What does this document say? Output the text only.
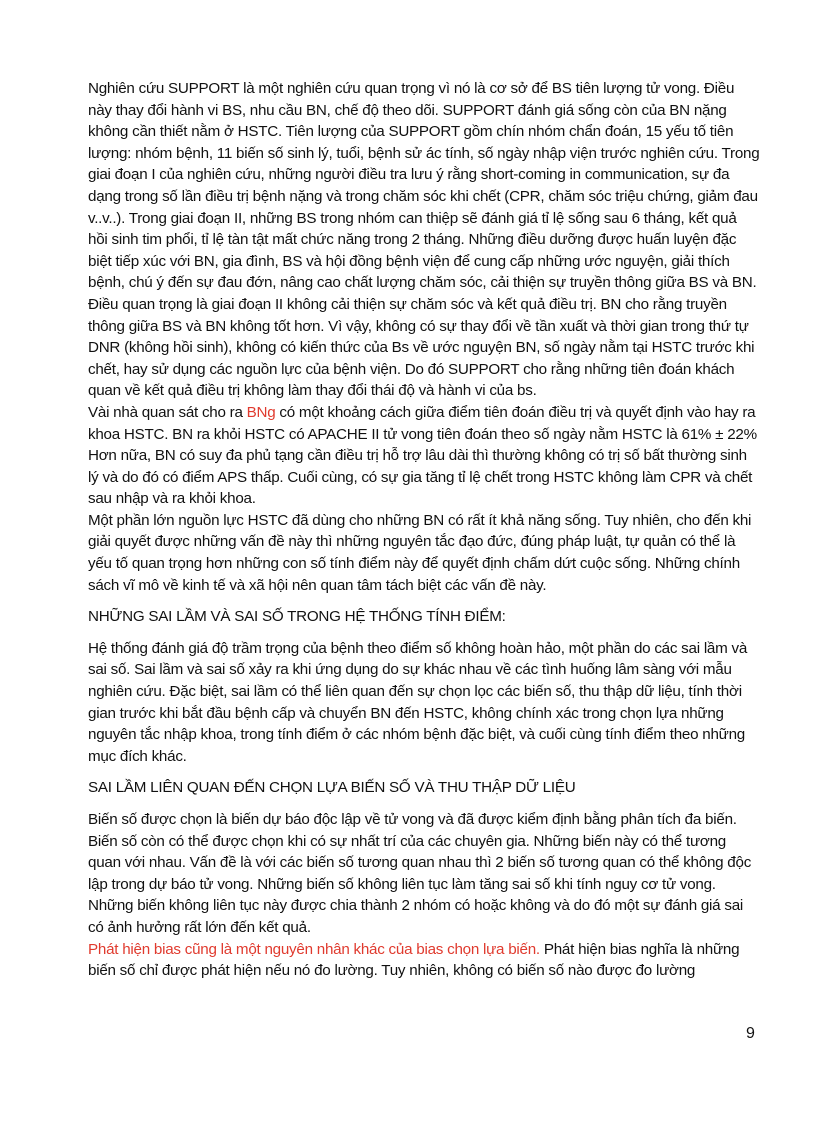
Nghiên cứu SUPPORT là một nghiên cứu quan trọng vì nó là cơ sở để BS tiên lượng tử vong. Điều này thay đổi hành vi BS, nhu cầu BN, chế độ theo dõi. SUPPORT đánh giá sống còn của BN nặng không cần thiết nằm ở HSTC. Tiên lượng của SUPPORT gồm chín nhóm chẩn đoán, 15 yếu tố tiên lượng: nhóm bệnh, 11 biến số sinh lý, tuổi, bệnh sử ác tính, số ngày nhập viện trước nghiên cứu. Trong giai đoạn I của nghiên cứu, những người điều tra lưu ý rằng short-coming in communication, sự đa dạng trong số lần điều trị bệnh nặng và trong chăm sóc khi chết (CPR, chăm sóc triệu chứng, giảm đau v..v..). Trong giai đoạn II, những BS trong nhóm can thiệp sẽ đánh giá tỉ lệ sống sau 6 tháng, kết quả hồi sinh tim phổi, tỉ lệ tàn tật mất chức năng trong 2 tháng. Những điều dưỡng được huấn luyện đặc biệt tiếp xúc với BN, gia đình, BS và hội đồng bệnh viện để cung cấp những ước nguyện, giải thích bệnh, chú ý đến sự đau đớn, nâng cao chất lượng chăm sóc, cải thiện sự truyền thông giữa BS và BN. Điều quan trọng là giai đoạn II không cải thiện sự chăm sóc và kết quả điều trị. BN cho rằng truyền thông giữa BS và BN không tốt hơn. Vì vậy, không có sự thay đổi về tần xuất và thời gian trong thứ tự DNR (không hồi sinh), không có kiến thức của Bs về ước nguyện BN, số ngày nằm tại HSTC trước khi chết, hay sử dụng các nguồn lực của bệnh viện. Do đó SUPPORT cho rằng những tiên đoán khách quan về kết quả điều trị không làm thay đổi thái độ và hành vi của bs.

Vài nhà quan sát cho ra BNg có một khoảng cách giữa điểm tiên đoán điều trị và quyết định vào hay ra khoa HSTC. BN ra khỏi HSTC có APACHE II tử vong tiên đoán theo số ngày nằm HSTC là 61% ± 22% Hơn nữa, BN có suy đa phủ tạng cần điều trị hỗ trợ lâu dài thì thường không có trị số bất thường sinh lý và do đó có điểm APS thấp. Cuối cùng, có sự gia tăng tỉ lệ chết trong HSTC không làm CPR và chết sau nhập và ra khỏi khoa.

Một phần lớn nguồn lực HSTC đã dùng cho những BN có rất ít khả năng sống. Tuy nhiên, cho đến khi giải quyết được những vấn đề này thì những nguyên tắc đạo đức, đúng pháp luật, tự quản có thể là yếu tố quan trọng hơn những con số tính điểm này để quyết định chấm dứt cuộc sống. Những chính sách vĩ mô về kinh tế và xã hội nên quan tâm tách biệt các vấn đề này.

NHỮNG SAI LẦM VÀ SAI SỐ TRONG HỆ THỐNG TÍNH ĐIỂM:

Hệ thống đánh giá độ trầm trọng của bệnh theo điểm số không hoàn hảo, một phần do các sai lầm và sai số. Sai lầm và sai số xảy ra khi ứng dụng do sự khác nhau về các tình huống lâm sàng với mẫu nghiên cứu. Đặc biệt, sai lầm có thể liên quan đến sự chọn lọc các biến số, thu thập dữ liệu, tính thời gian trước khi bắt đầu bệnh cấp và chuyển BN đến HSTC, không chính xác trong chọn lựa những nguyên tắc nhập khoa, trong tính điểm ở các nhóm bệnh đặc biệt, và cuối cùng tính điểm theo những mục đích khác.

SAI LẦM LIÊN QUAN ĐẾN CHỌN LỰA BIẾN SỐ VÀ THU THẬP DỮ LIỆU

Biến số được chọn là biến dự báo độc lập về tử vong và đã được kiểm định bằng phân tích đa biến. Biến số còn có thể được chọn khi có sự nhất trí của các chuyên gia. Những biến này có thể tương quan với nhau. Vấn đề là với các biến số tương quan nhau thì 2 biến số tương quan có thể không độc lập trong dự báo tử vong. Những biến số không liên tục làm tăng sai số khi tính nguy cơ tử vong. Những biến không liên tục này được chia thành 2 nhóm có hoặc không và do đó một sự đánh giá sai có ảnh hưởng rất lớn đến kết quả.

Phát hiện bias cũng là một nguyên nhân khác của bias chọn lựa biến. Phát hiện bias nghĩa là những biến số chỉ được phát hiện nếu nó đo lường. Tuy nhiên, không có biến số nào được đo lường

9
